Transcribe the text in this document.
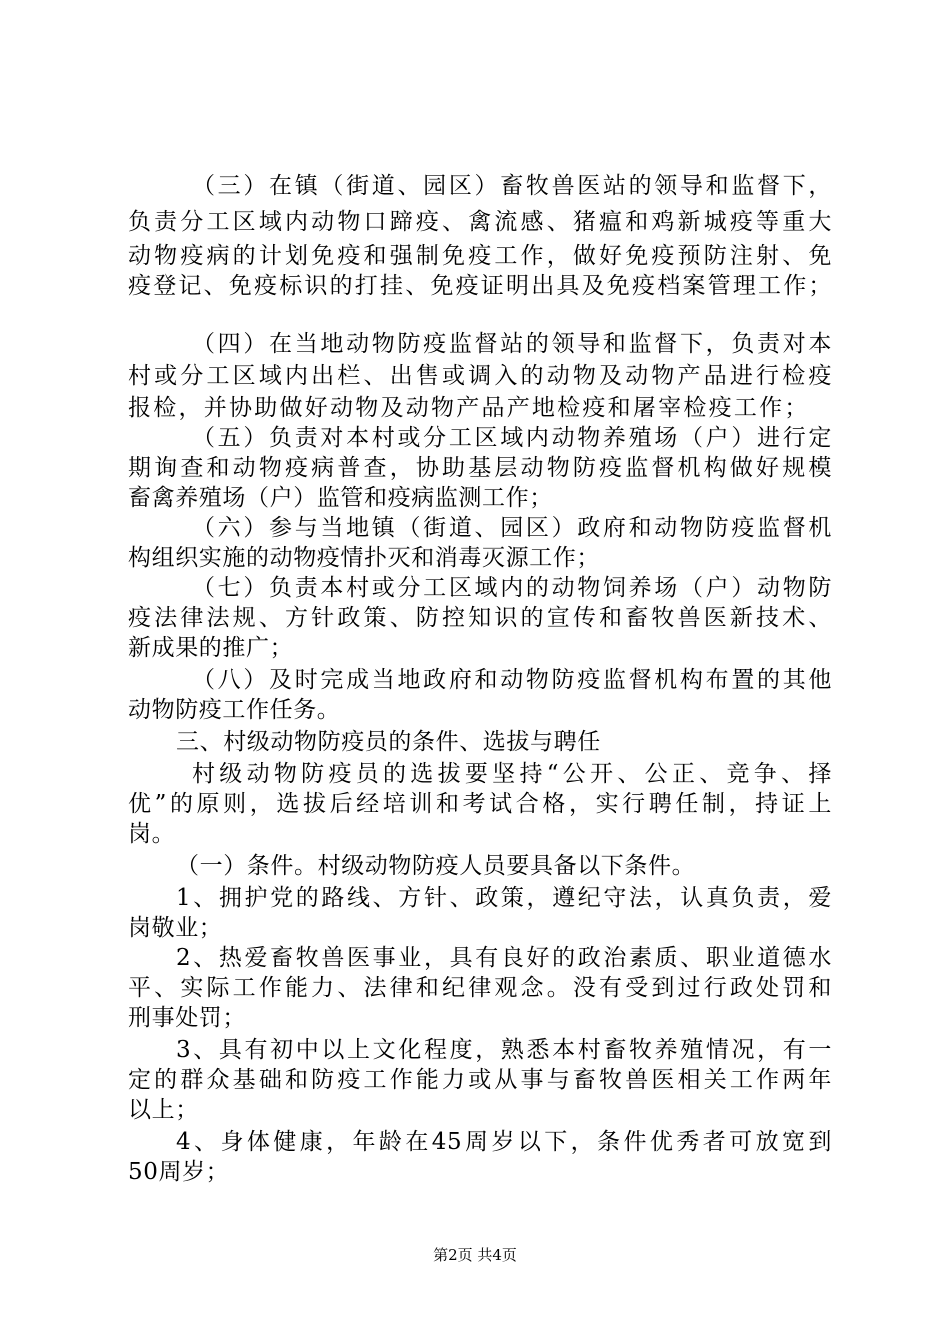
（三）在镇（街道、园区）畜牧兽医站的领导和监督下，
负责分工区域内动物口蹄疫、禽流感、猪瘟和鸡新城疫等重大
动物疫病的计划免疫和强制免疫工作，做好免疫预防注射、免
疫登记、免疫标识的打挂、免疫证明出具及免疫档案管理工作；
（四）在当地动物防疫监督站的领导和监督下，负责对本
村或分工区域内出栏、出售或调入的动物及动物产品进行检疫
报检，并协助做好动物及动物产品产地检疫和屠宰检疫工作；
（五）负责对本村或分工区域内动物养殖场（户）进行定
期询查和动物疫病普查，协助基层动物防疫监督机构做好规模
畜禽养殖场（户）监管和疫病监测工作；
（六）参与当地镇（街道、园区）政府和动物防疫监督机
构组织实施的动物疫情扑灭和消毒灭源工作；
（七）负责本村或分工区域内的动物饲养场（户）动物防
疫法律法规、方针政策、防控知识的宣传和畜牧兽医新技术、
新成果的推广；
（八）及时完成当地政府和动物防疫监督机构布置的其他
动物防疫工作任务。
三、村级动物防疫员的条件、选拔与聘任
村级动物防疫员的选拔要坚持“公开、公正、竞争、择
优”的原则，选拔后经培训和考试合格，实行聘任制，持证上
岗。
（一）条件。村级动物防疫人员要具备以下条件。
1、拥护党的路线、方针、政策，遵纪守法，认真负责，爱
岗敬业；
2、热爱畜牧兽医事业，具有良好的政治素质、职业道德水
平、实际工作能力、法律和纪律观念。没有受到过行政处罚和
刑事处罚；
3、具有初中以上文化程度，熟悉本村畜牧养殖情况，有一
定的群众基础和防疫工作能力或从事与畜牧兽医相关工作两年
以上；
4、身体健康，年龄在45周岁以下，条件优秀者可放宽到
50周岁；
第2页 共4页
